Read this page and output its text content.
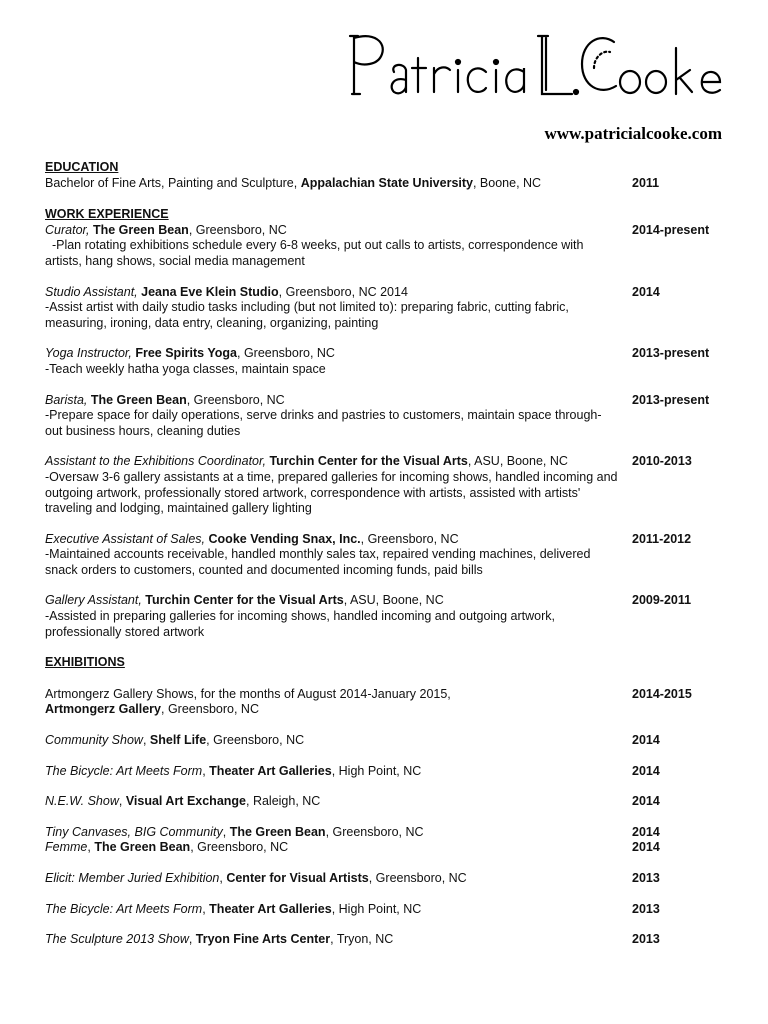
www.patricialcooke.com

EDUCATION

Bachelor of Fine Arts, Painting and Sculpture, Appalachian State University, Boone, NC	2011

WORK EXPERIENCE

Curator, The Green Bean, Greensboro, NC	2014-present

-Plan rotating exhibitions schedule every 6-8 weeks, put out calls to artists, correspondence with artists, hang shows, social media management

Studio Assistant, Jeana Eve Klein Studio, Greensboro, NC 2014	2014

-Assist artist with daily studio tasks including (but not limited to): preparing fabric, cutting fabric, measuring, ironing, data entry, cleaning, organizing, painting

Yoga Instructor, Free Spirits Yoga, Greensboro, NC	2013-present

-Teach weekly hatha yoga classes, maintain space

Barista, The Green Bean, Greensboro, NC	2013-present

-Prepare space for daily operations, serve drinks and pastries to customers, maintain space through-out business hours, cleaning duties

Assistant to the Exhibitions Coordinator, Turchin Center for the Visual Arts, ASU, Boone, NC	2010-2013

-Oversaw 3-6 gallery assistants at a time, prepared galleries for incoming shows, handled incoming and outgoing artwork, professionally stored artwork, correspondence with artists, assisted with artists' traveling and lodging, maintained gallery lighting

Executive Assistant of Sales, Cooke Vending Snax, Inc., Greensboro, NC	2011-2012

-Maintained accounts receivable, handled monthly sales tax, repaired vending machines, delivered snack orders to customers, counted and documented incoming funds, paid bills

Gallery Assistant, Turchin Center for the Visual Arts, ASU, Boone, NC	2009-2011

-Assisted in preparing galleries for incoming shows, handled incoming and outgoing artwork, professionally stored artwork

EXHIBITIONS

Artmongerz Gallery Shows, for the months of August 2014-January 2015,
Artmongerz Gallery, Greensboro, NC
2014-2015
Community Show, Shelf Life, Greensboro, NC	2014
The Bicycle: Art Meets Form, Theater Art Galleries, High Point, NC	2014
N.E.W. Show, Visual Art Exchange, Raleigh, NC	2014
Tiny Canvases, BIG Community, The Green Bean, Greensboro, NC	2014
Femme, The Green Bean, Greensboro, NC	2014
Elicit: Member Juried Exhibition, Center for Visual Artists, Greensboro, NC	2013
The Bicycle: Art Meets Form, Theater Art Galleries, High Point, NC	2013
The Sculpture 2013 Show, Tryon Fine Arts Center, Tryon, NC	2013
